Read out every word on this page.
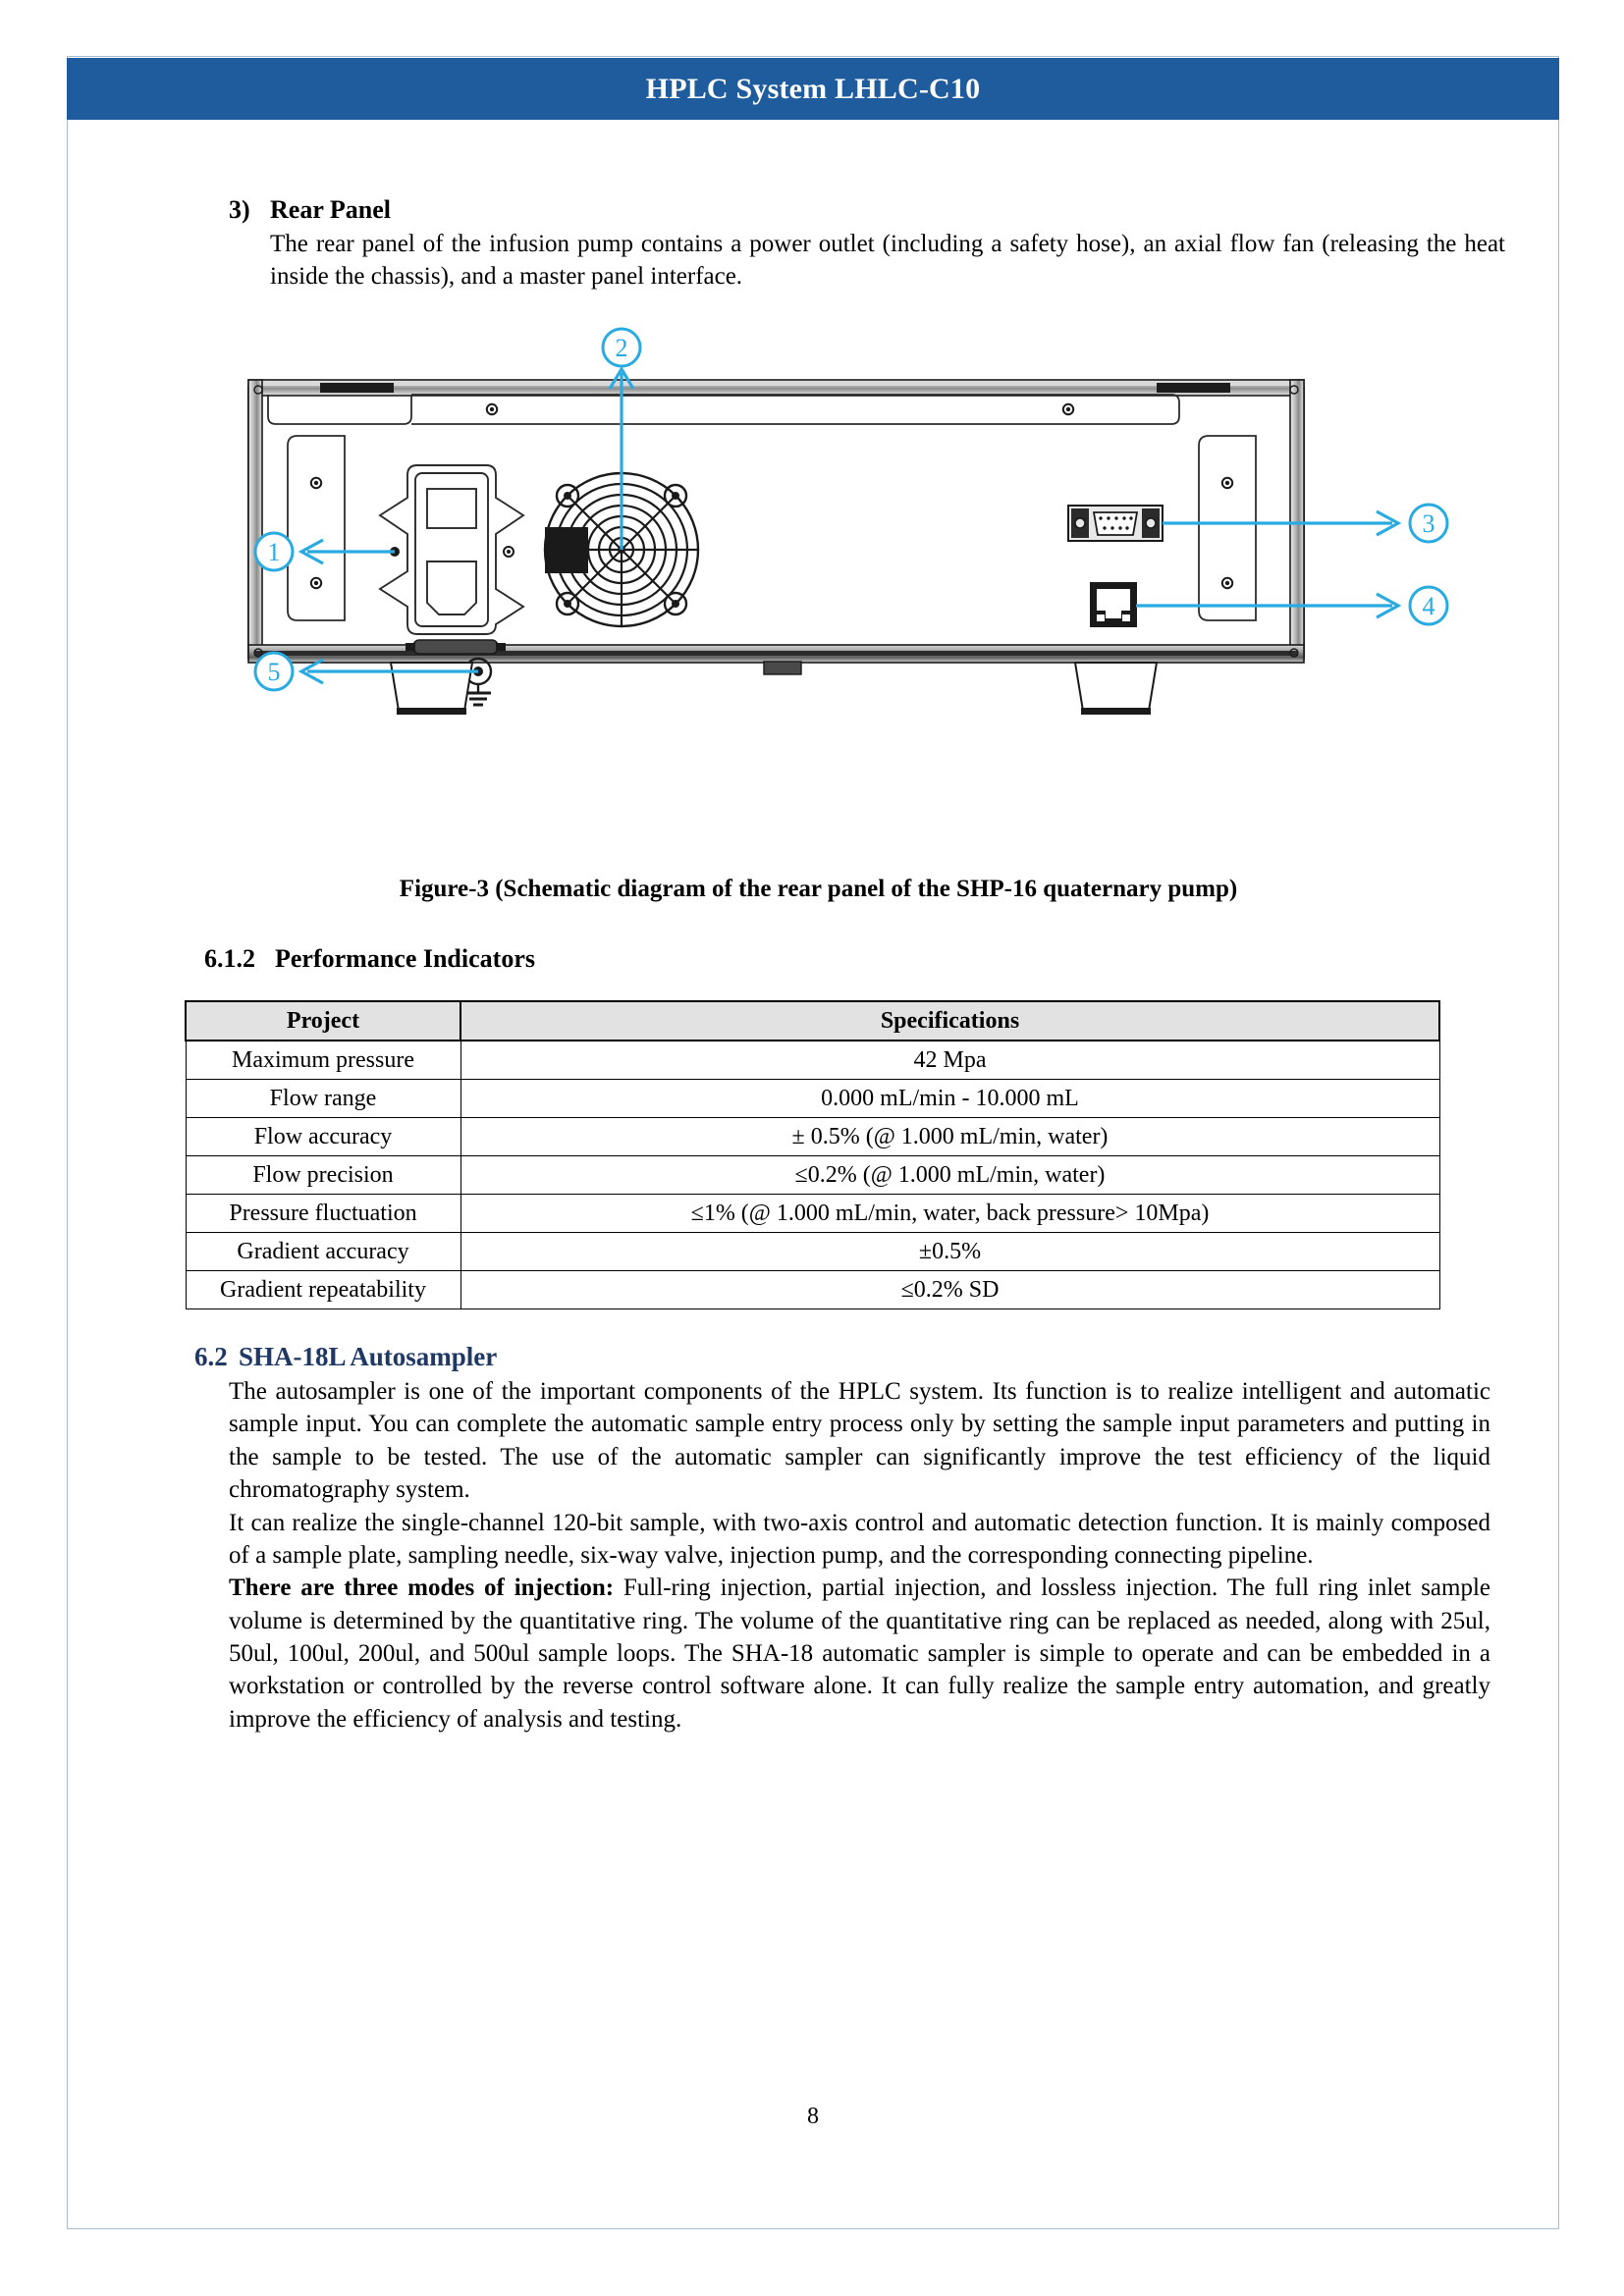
HPLC System LHLC-C10
3) Rear Panel
The rear panel of the infusion pump contains a power outlet (including a safety hose), an axial flow fan (releasing the heat inside the chassis), and a master panel interface.
2
1
5
3
4
Figure-3 (Schematic diagram of the rear panel of the SHP-16 quaternary pump)
6.1.2 Performance Indicators
Project	Specifications
Maximum pressure	42 Mpa
Flow range	0.000 mL/min - 10.000 mL
Flow accuracy	± 0.5% (@ 1.000 mL/min, water)
Flow precision	≤0.2% (@ 1.000 mL/min, water)
Pressure fluctuation	≤1% (@ 1.000 mL/min, water, back pressure> 10Mpa)
Gradient accuracy	±0.5%
Gradient repeatability	≤0.2% SD
6.2 SHA-18L Autosampler

The autosampler is one of the important components of the HPLC system. Its function is to realize intelligent and automatic sample input. You can complete the automatic sample entry process only by setting the sample input parameters and putting in the sample to be tested. The use of the automatic sampler can significantly improve the test efficiency of the liquid chromatography system.

It can realize the single-channel 120-bit sample, with two-axis control and automatic detection function. It is mainly composed of a sample plate, sampling needle, six-way valve, injection pump, and the corresponding connecting pipeline.

There are three modes of injection: Full-ring injection, partial injection, and lossless injection. The full ring inlet sample volume is determined by the quantitative ring. The volume of the quantitative ring can be replaced as needed, along with 25ul, 50ul, 100ul, 200ul, and 500ul sample loops. The SHA-18 automatic sampler is simple to operate and can be embedded in a workstation or controlled by the reverse control software alone. It can fully realize the sample entry automation, and greatly improve the efficiency of analysis and testing.

8
